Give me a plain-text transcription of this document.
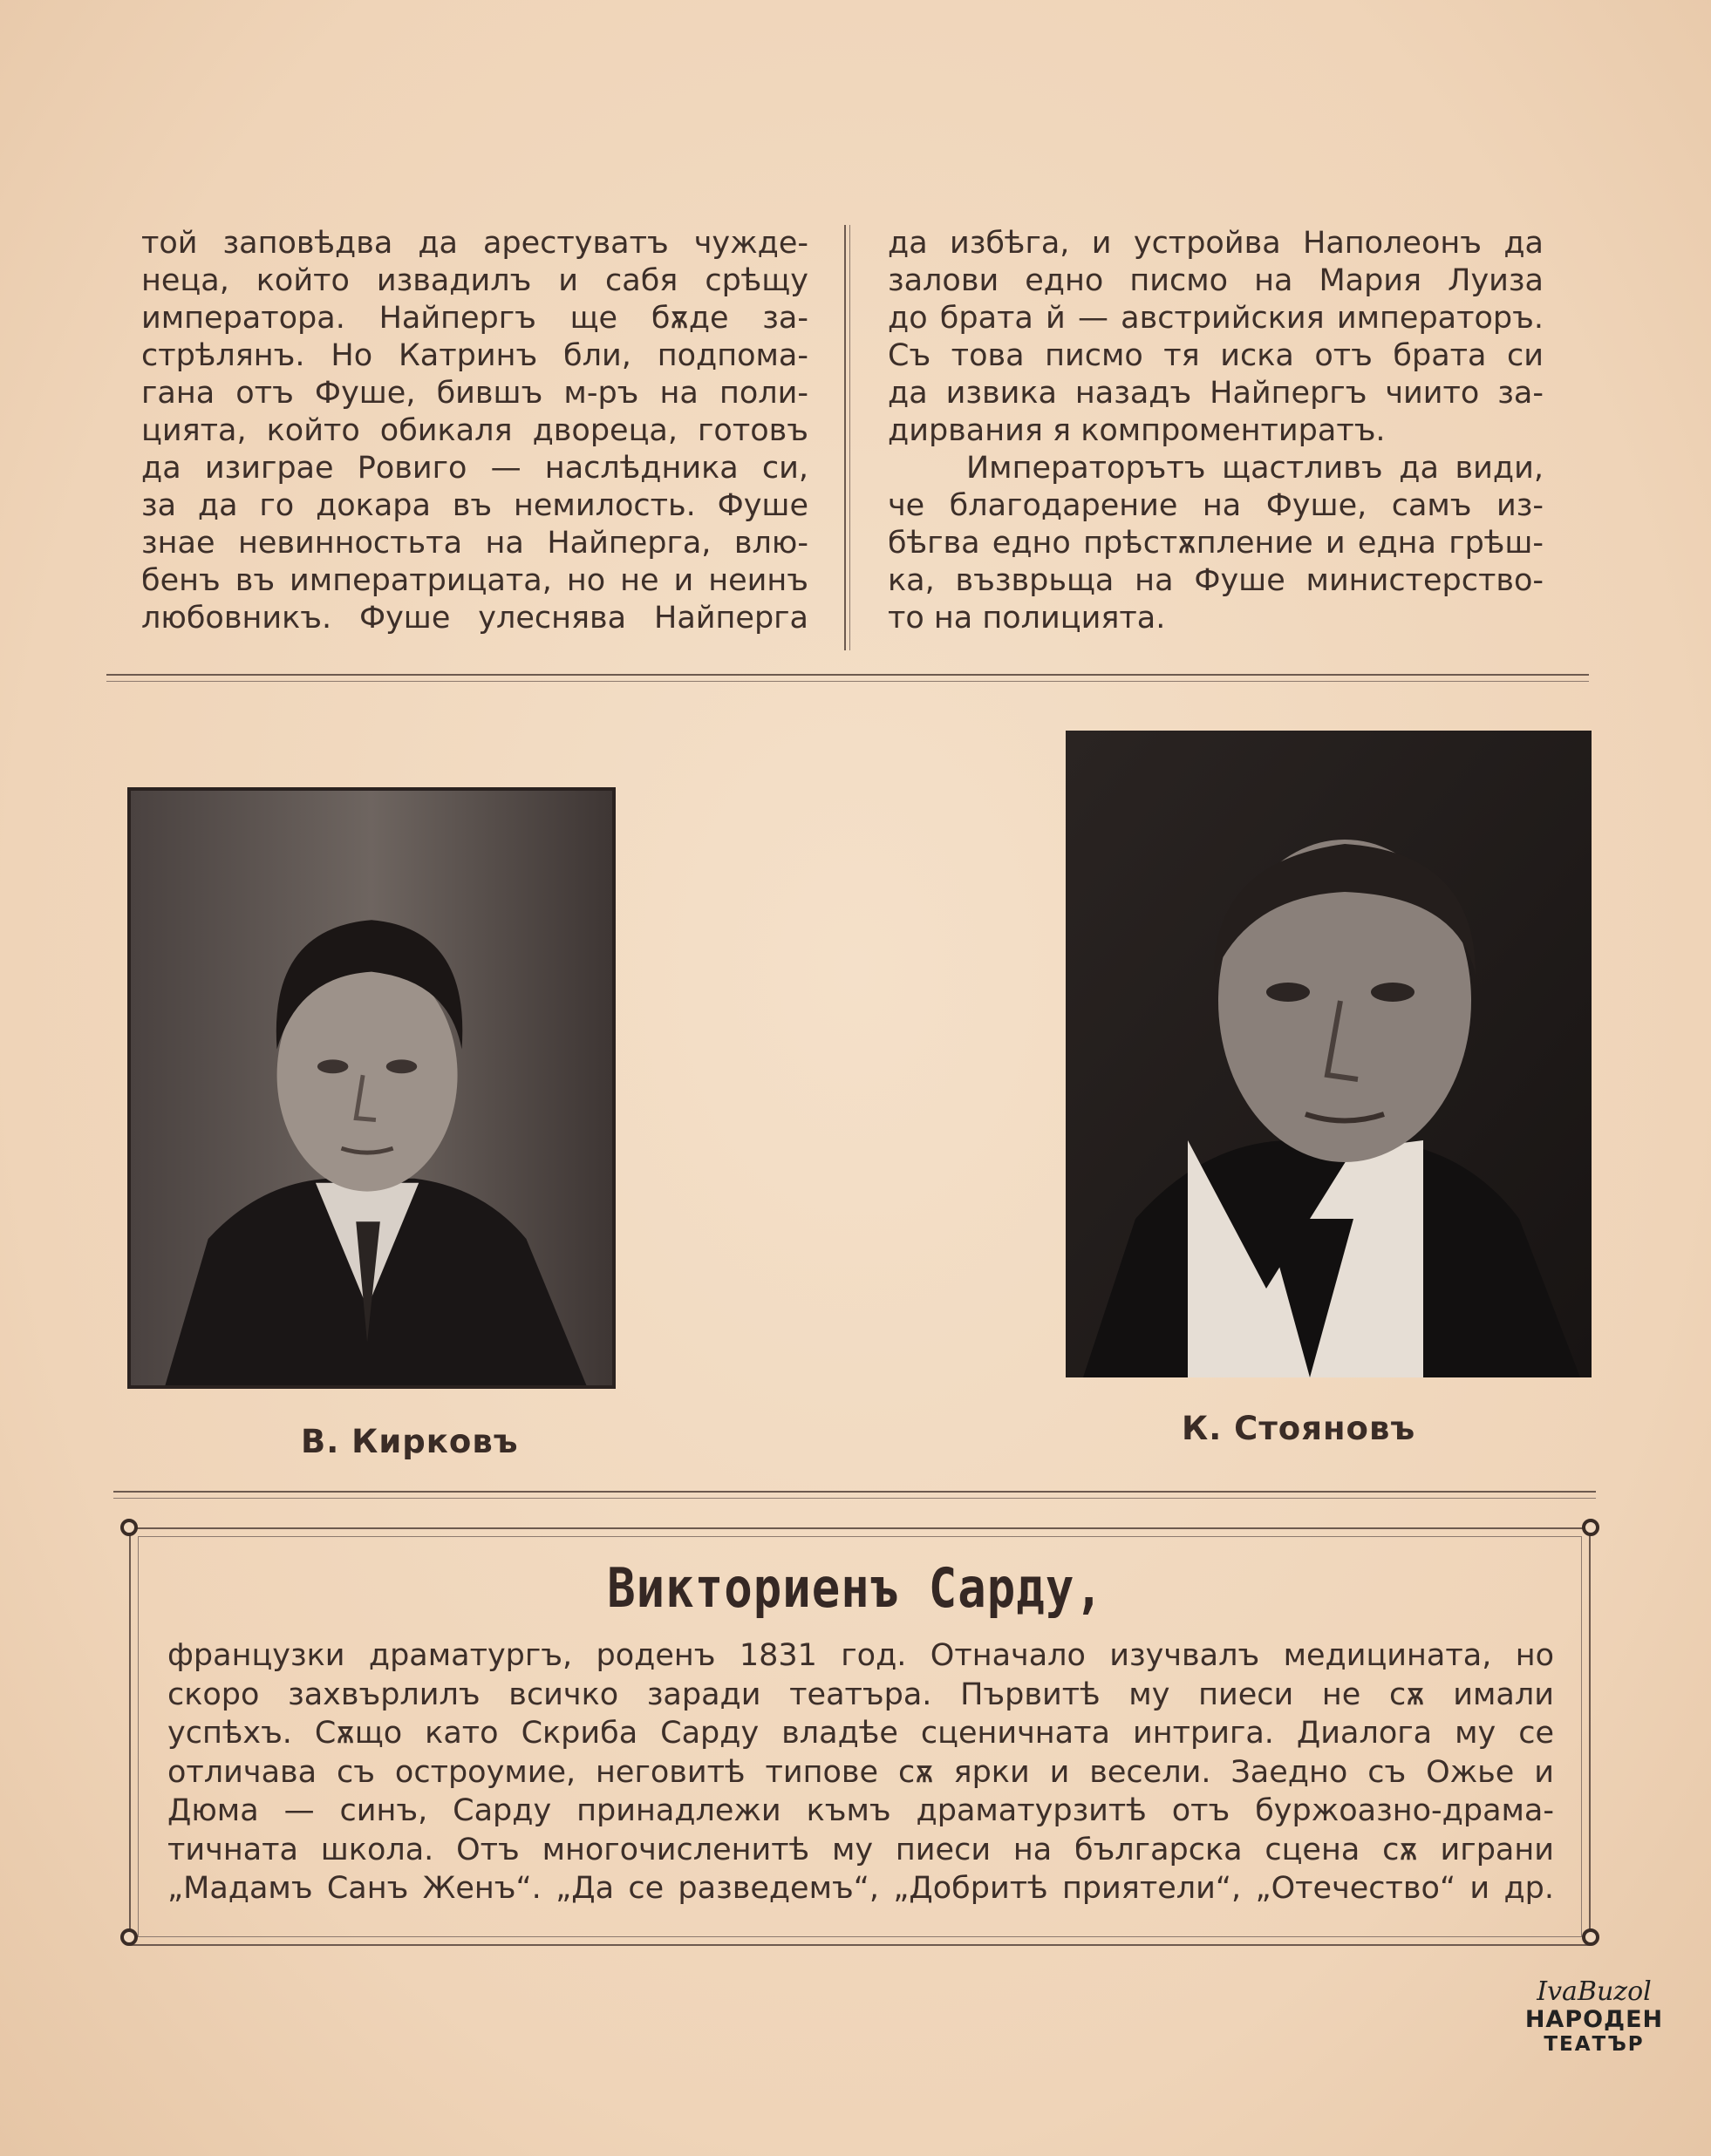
той заповѣдва да арестуватъ чужде-
неца, който извадилъ и сабя срѣщу
императора. Найпергъ ще бѫде за-
стрѣлянъ. Но Катринъ бли, подпома-
гана отъ Фуше, бившъ м-ръ на поли-
цията, който обикаля двореца, готовъ
да изиграе Ровиго — наслѣдника си,
за да го докара въ немилость. Фуше
знае невинностьта на Найперга, влю-
бенъ въ императрицата, но не и неинъ
любовникъ. Фуше улеснява Найперга
да избѣга, и устройва Наполеонъ да
залови едно писмо на Мария Луиза
до брата й — австрийския императоръ.
Съ това писмо тя иска отъ брата си
да извика назадъ Найпергъ чиито за-
дирвания я компроментиратъ.
Императорътъ щастливъ да види,
че благодарение на Фуше, самъ из-
бѣгва едно прѣстѫпление и една грѣш-
ка, възврьща на Фуше министерство-
то на полицията.
В. Кирковъ	К. Стояновъ
Викториенъ Сарду,
французки драматургъ, роденъ 1831 год. Отначало изучвалъ медицината, но
скоро захвърлилъ всичко заради театъра. Първитѣ му пиеси не сѫ имали
успѣхъ. Сѫщо като Скриба Сарду владѣе сценичната интрига. Диалога му се
отличава съ остроумие, неговитѣ типове сѫ ярки и весели. Заедно съ Ожье и
Дюма — синъ, Сарду принадлежи къмъ драматурзитѣ отъ буржоазно-драма-
тичната школа. Отъ многочисленитѣ му пиеси на българска сцена сѫ играни
„Мадамъ Санъ Женъ“. „Да се разведемъ“, „Добритѣ приятели“, „Отечество“ и др.
IvaBuzol
НАРОДЕН
ТЕАТЪР
